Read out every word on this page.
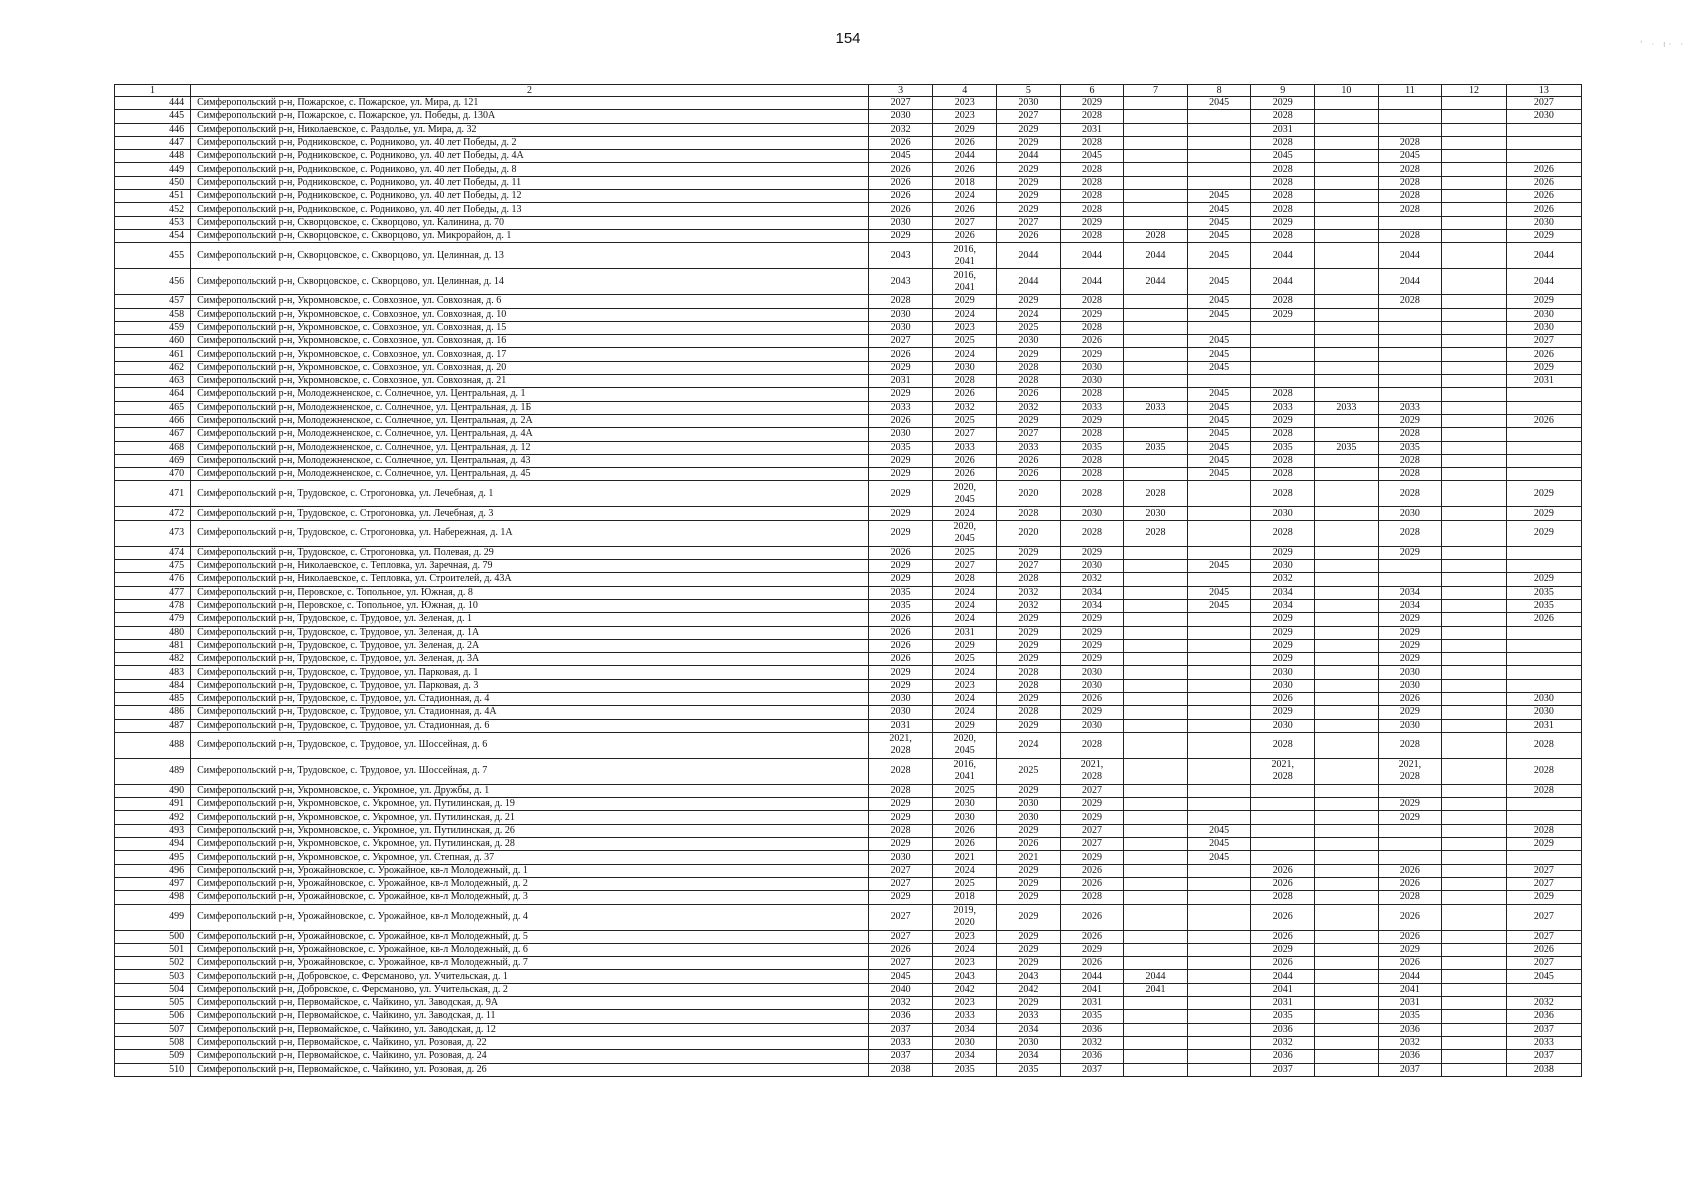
154	' · ı· ·
1	2	3	4	5	6	7	8	9	10	11	12	13
444	Симферопольский р-н, Пожарское, с. Пожарское, ул. Мира, д. 121	2027	2023	2030	2029		2045	2029				2027
445	Симферопольский р-н, Пожарское, с. Пожарское, ул. Победы, д. 130А	2030	2023	2027	2028			2028				2030
446	Симферопольский р-н, Николаевское, с. Раздолье, ул. Мира, д. 32	2032	2029	2029	2031			2031				
447	Симферопольский р-н, Родниковское, с. Родниково, ул. 40 лет Победы, д. 2	2026	2026	2029	2028			2028		2028		
448	Симферопольский р-н, Родниковское, с. Родниково, ул. 40 лет Победы, д. 4А	2045	2044	2044	2045			2045		2045		
449	Симферопольский р-н, Родниковское, с. Родниково, ул. 40 лет Победы, д. 8	2026	2026	2029	2028			2028		2028		2026
450	Симферопольский р-н, Родниковское, с. Родниково, ул. 40 лет Победы, д. 11	2026	2018	2029	2028			2028		2028		2026
451	Симферопольский р-н, Родниковское, с. Родниково, ул. 40 лет Победы, д. 12	2026	2024	2029	2028		2045	2028		2028		2026
452	Симферопольский р-н, Родниковское, с. Родниково, ул. 40 лет Победы, д. 13	2026	2026	2029	2028		2045	2028		2028		2026
453	Симферопольский р-н, Скворцовское, с. Скворцово, ул. Калинина, д. 70	2030	2027	2027	2029		2045	2029				2030
454	Симферопольский р-н, Скворцовское, с. Скворцово, ул. Микрорайон, д. 1	2029	2026	2026	2028	2028	2045	2028		2028		2029
455	Симферопольский р-н, Скворцовское, с. Скворцово, ул. Целинная, д. 13	2043	2016,
2041	2044	2044	2044	2045	2044		2044		2044
456	Симферопольский р-н, Скворцовское, с. Скворцово, ул. Целинная, д. 14	2043	2016,
2041	2044	2044	2044	2045	2044		2044		2044
457	Симферопольский р-н, Укромновское, с. Совхозное, ул. Совхозная, д. 6	2028	2029	2029	2028		2045	2028		2028		2029
458	Симферопольский р-н, Укромновское, с. Совхозное, ул. Совхозная, д. 10	2030	2024	2024	2029		2045	2029				2030
459	Симферопольский р-н, Укромновское, с. Совхозное, ул. Совхозная, д. 15	2030	2023	2025	2028							2030
460	Симферопольский р-н, Укромновское, с. Совхозное, ул. Совхозная, д. 16	2027	2025	2030	2026		2045					2027
461	Симферопольский р-н, Укромновское, с. Совхозное, ул. Совхозная, д. 17	2026	2024	2029	2029		2045					2026
462	Симферопольский р-н, Укромновское, с. Совхозное, ул. Совхозная, д. 20	2029	2030	2028	2030		2045					2029
463	Симферопольский р-н, Укромновское, с. Совхозное, ул. Совхозная, д. 21	2031	2028	2028	2030							2031
464	Симферопольский р-н, Молодежненское, с. Солнечное, ул. Центральная, д. 1	2029	2026	2026	2028		2045	2028				
465	Симферопольский р-н, Молодежненское, с. Солнечное, ул. Центральная, д. 1Б	2033	2032	2032	2033	2033	2045	2033	2033	2033		
466	Симферопольский р-н, Молодежненское, с. Солнечное, ул. Центральная, д. 2А	2026	2025	2029	2029		2045	2029		2029		2026
467	Симферопольский р-н, Молодежненское, с. Солнечное, ул. Центральная, д. 4А	2030	2027	2027	2028		2045	2028		2028		
468	Симферопольский р-н, Молодежненское, с. Солнечное, ул. Центральная, д. 12	2035	2033	2033	2035	2035	2045	2035	2035	2035		
469	Симферопольский р-н, Молодежненское, с. Солнечное, ул. Центральная, д. 43	2029	2026	2026	2028		2045	2028		2028		
470	Симферопольский р-н, Молодежненское, с. Солнечное, ул. Центральная, д. 45	2029	2026	2026	2028		2045	2028		2028		
471	Симферопольский р-н, Трудовское, с. Строгоновка, ул. Лечебная, д. 1	2029	2020,
2045	2020	2028	2028		2028		2028		2029
472	Симферопольский р-н, Трудовское, с. Строгоновка, ул. Лечебная, д. 3	2029	2024	2028	2030	2030		2030		2030		2029
473	Симферопольский р-н, Трудовское, с. Строгоновка, ул. Набережная, д. 1А	2029	2020,
2045	2020	2028	2028		2028		2028		2029
474	Симферопольский р-н, Трудовское, с. Строгоновка, ул. Полевая, д. 29	2026	2025	2029	2029			2029		2029		
475	Симферопольский р-н, Николаевское, с. Тепловка, ул. Заречная, д. 79	2029	2027	2027	2030		2045	2030				
476	Симферопольский р-н, Николаевское, с. Тепловка, ул. Строителей, д. 43А	2029	2028	2028	2032			2032				2029
477	Симферопольский р-н, Перовское, с. Топольное, ул. Южная, д. 8	2035	2024	2032	2034		2045	2034		2034		2035
478	Симферопольский р-н, Перовское, с. Топольное, ул. Южная, д. 10	2035	2024	2032	2034		2045	2034		2034		2035
479	Симферопольский р-н, Трудовское, с. Трудовое, ул. Зеленая, д. 1	2026	2024	2029	2029			2029		2029		2026
480	Симферопольский р-н, Трудовское, с. Трудовое, ул. Зеленая, д. 1А	2026	2031	2029	2029			2029		2029		
481	Симферопольский р-н, Трудовское, с. Трудовое, ул. Зеленая, д. 2А	2026	2029	2029	2029			2029		2029		
482	Симферопольский р-н, Трудовское, с. Трудовое, ул. Зеленая, д. 3А	2026	2025	2029	2029			2029		2029		
483	Симферопольский р-н, Трудовское, с. Трудовое, ул. Парковая, д. 1	2029	2024	2028	2030			2030		2030		
484	Симферопольский р-н, Трудовское, с. Трудовое, ул. Парковая, д. 3	2029	2023	2028	2030			2030		2030		
485	Симферопольский р-н, Трудовское, с. Трудовое, ул. Стадионная, д. 4	2030	2024	2029	2026			2026		2026		2030
486	Симферопольский р-н, Трудовское, с. Трудовое, ул. Стадионная, д. 4А	2030	2024	2028	2029			2029		2029		2030
487	Симферопольский р-н, Трудовское, с. Трудовое, ул. Стадионная, д. 6	2031	2029	2029	2030			2030		2030		2031
488	Симферопольский р-н, Трудовское, с. Трудовое, ул. Шоссейная, д. 6	2021,
2028	2020,
2045	2024	2028			2028		2028		2028
489	Симферопольский р-н, Трудовское, с. Трудовое, ул. Шоссейная, д. 7	2028	2016,
2041	2025	2021,
2028			2021,
2028		2021,
2028		2028
490	Симферопольский р-н, Укромновское, с. Укромное, ул. Дружбы, д. 1	2028	2025	2029	2027							2028
491	Симферопольский р-н, Укромновское, с. Укромное, ул. Путилинская, д. 19	2029	2030	2030	2029					2029		
492	Симферопольский р-н, Укромновское, с. Укромное, ул. Путилинская, д. 21	2029	2030	2030	2029					2029		
493	Симферопольский р-н, Укромновское, с. Укромное, ул. Путилинская, д. 26	2028	2026	2029	2027		2045					2028
494	Симферопольский р-н, Укромновское, с. Укромное, ул. Путилинская, д. 28	2029	2026	2026	2027		2045					2029
495	Симферопольский р-н, Укромновское, с. Укромное, ул. Степная, д. 37	2030	2021	2021	2029		2045					
496	Симферопольский р-н, Урожайновское, с. Урожайное, кв-л Молодежный, д. 1	2027	2024	2029	2026			2026		2026		2027
497	Симферопольский р-н, Урожайновское, с. Урожайное, кв-л Молодежный, д. 2	2027	2025	2029	2026			2026		2026		2027
498	Симферопольский р-н, Урожайновское, с. Урожайное, кв-л Молодежный, д. 3	2029	2018	2029	2028			2028		2028		2029
499	Симферопольский р-н, Урожайновское, с. Урожайное, кв-л Молодежный, д. 4	2027	2019,
2020	2029	2026			2026		2026		2027
500	Симферопольский р-н, Урожайновское, с. Урожайное, кв-л Молодежный, д. 5	2027	2023	2029	2026			2026		2026		2027
501	Симферопольский р-н, Урожайновское, с. Урожайное, кв-л Молодежный, д. 6	2026	2024	2029	2029			2029		2029		2026
502	Симферопольский р-н, Урожайновское, с. Урожайное, кв-л Молодежный, д. 7	2027	2023	2029	2026			2026		2026		2027
503	Симферопольский р-н, Добровское, с. Ферсманово, ул. Учительская, д. 1	2045	2043	2043	2044	2044		2044		2044		2045
504	Симферопольский р-н, Добровское, с. Ферсманово, ул. Учительская, д. 2	2040	2042	2042	2041	2041		2041		2041		
505	Симферопольский р-н, Первомайское, с. Чайкино, ул. Заводская, д. 9А	2032	2023	2029	2031			2031		2031		2032
506	Симферопольский р-н, Первомайское, с. Чайкино, ул. Заводская, д. 11	2036	2033	2033	2035			2035		2035		2036
507	Симферопольский р-н, Первомайское, с. Чайкино, ул. Заводская, д. 12	2037	2034	2034	2036			2036		2036		2037
508	Симферопольский р-н, Первомайское, с. Чайкино, ул. Розовая, д. 22	2033	2030	2030	2032			2032		2032		2033
509	Симферопольский р-н, Первомайское, с. Чайкино, ул. Розовая, д. 24	2037	2034	2034	2036			2036		2036		2037
510	Симферопольский р-н, Первомайское, с. Чайкино, ул. Розовая, д. 26	2038	2035	2035	2037			2037		2037		2038
